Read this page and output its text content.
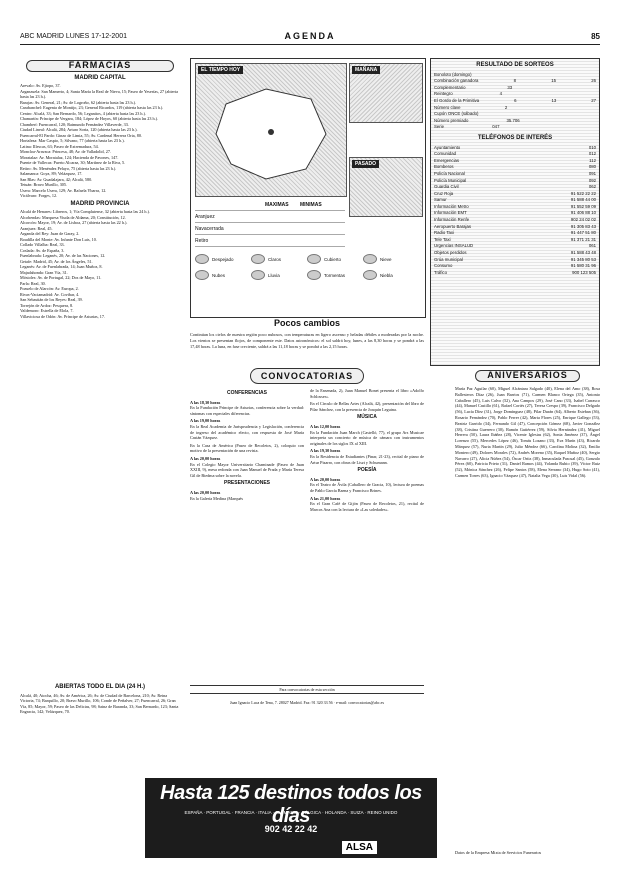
ABC MADRID LUNES 17-12-2001	AGENDA	85
FARMACIAS
MADRID CAPITAL

Arevalo: Av. Ejiopo, 37.

Arganzuela: San Mamerto, 4; Santa María la Real de Nieva, 15; Paseo de Yeserías, 27 (abierta hasta las 23 h.).

Barajas: Av. General, 21; Av. de Logroño, 62 (abierta hasta las 23 h.).

Carabanchel: Eugenia de Montijo, 23; General Ricardos, 119 (abierta hasta las 23 h.).

Centro: Alcalá, 33; San Bernardo, 56; Leganitos, 4 (abierta hasta las 23 h.).

Chamartín: Príncipe de Vergara, 184; López de Hoyos, 60 (abierta hasta las 23 h.).

Chamberí: Fuencarral, 120; Raimundo Fernández Villaverde, 33.

Ciudad Lineal: Alcalá, 284; Arturo Soria, 120 (abierta hasta las 23 h.).

Fuencarral-El Pardo: Ginzo de Limia, 55; Av. Cardenal Herrera Oria, 80.

Hortaleza: Mar Caspio, 5; Silvano, 77 (abierta hasta las 23 h.).

Latina: Illescas, 63; Paseo de Extremadura, 54.

Moncloa-Aravaca: Princesa, 48; Av. de Valladolid, 27.

Moratalaz: Av. Moratalaz, 124; Hacienda de Pavones, 147.

Puente de Vallecas: Puerto Alcaraz, 30; Martínez de la Riva, 5.

Retiro: Av. Menéndez Pelayo, 75 (abierta hasta las 23 h.).

Salamanca: Goya, 89; Velázquez, 17.

San Blas: Av. Guadalajara, 42; Alcalá, 580.

Tetuán: Bravo Murillo, 305.

Usera: Marcelo Usera, 129; Av. Rafaela Ybarra, 12.

Vicálvaro: Forges, 12.

MADRID PROVINCIA

Alcalá de Henares: Libreros, 1; Vía Complutense, 32 (abierta hasta las 24 h.).

Alcobendas: Marquesa Viuda de Aldama, 20; Constitución, 12.

Alcorcón: Mayor, 19; Av. de Lisboa, 27 (abierta hasta las 22 h.).

Aranjuez: Real, 45.

Arganda del Rey: Juan de Garay, 2.

Boadilla del Monte: Av. Infante Don Luis, 10.

Collado Villalba: Real, 33.

Coslada: Av. de España, 3.

Fuenlabrada: Leganés, 20; Av. de las Naciones, 12.

Getafe: Madrid, 45; Av. de los Ángeles, 51.

Leganés: Av. de Fuenlabrada, 14; Juan Muñoz, 8.

Majadahonda: Gran Vía, 31.

Móstoles: Av. de Portugal, 22; Dos de Mayo, 11.

Parla: Real, 30.

Pozuelo de Alarcón: Av. Europa, 2.

Rivas-Vaciamadrid: Av. Covibar, 4.

San Sebastián de los Reyes: Real, 39.

Torrejón de Ardoz: Pesquera, 8.

Valdemoro: Estrella de Elola, 7.

Villaviciosa de Odón: Av. Príncipe de Asturias, 17.

ABIERTAS TODO EL DIA (24 H.)

Alcalá, 40; Atocha, 46; Av. de América, 26; Av. de Ciudad de Barcelona, 210; Av. Reina Victoria, 74; Barquillo, 20; Bravo Murillo, 106; Conde de Peñalver, 27; Fuencarral, 26; Gran Vía, 85; Mayor, 59; Paseo de las Delicias, 98; Sainz de Baranda, 33; San Bernardo, 123; Santa Engracia, 142; Velázquez, 70.

EL TIEMPO HOY	MAÑANA
PASADO
MAXIMAS	MINIMAS
Aranjuez
Navacerrada
Retiro
Despejado	Claros	Cubierto	Nieve
Nubes	Lluvia	Tormentas	Niebla
Pocos cambios
Continúan los cielos de nuestra región poco nubosos, con temperaturas en ligero ascenso y heladas débiles a moderadas por la noche. Los vientos se presentan flojos, de componente este. Datos astronómicos: el sol saldrá hoy, lunes, a las 8,30 horas y se pondrá a las 17,48 horas. La luna, en fase creciente, saldrá a las 11,18 horas y se pondrá a las 2,15 horas.
CONVOCATORIAS
CONFERENCIAS
A las 18,30 horas

En la Fundación Príncipe de Asturias, conferencia sobre la verdad: síntomas con especiales diferencias.

A las 19,00 horas

En la Real Academia de Jurisprudencia y Legislación, conferencia de ingreso del académico electo, con respuesta de José María Castán Vázquez.

En la Casa de América (Paseo de Recoletos, 2), coloquio con motivo de la presentación de una revista.

A las 20,00 horas

En el Colegio Mayor Universitario Chaminade (Paseo de Juan XXIII, 9), mesa redonda con Juan Manuel de Prada y María Teresa Gil de Biedma sobre la novela.

PRESENTACIONES
A las 20,00 horas

En la Galería Medina (Marqués

de la Ensenada, 2), Juan Manuel Bonet presenta el libro «Adolfo Schlosser».

En el Círculo de Bellas Artes (Alcalá, 42), presentación del libro de Pilar Sánchez, con la presencia de Joaquín Leguina.

MÚSICA
A las 12,00 horas

En la Fundación Juan March (Castelló, 77), el grupo Ars Musicae interpreta un concierto de música de cámara con instrumentos originales de los siglos IX al XIII.

A las 19,30 horas

En la Residencia de Estudiantes (Pinar, 21-23), recital de piano de Artur Pizarro, con obras de Liszt y Schumann.

POESÍA
A las 20,00 horas

En el Teatro de Ávila (Caballero de Gracia, 10), lectura de poemas de Pablo García Baena y Francisco Brines.

A las 21,00 horas

En el Gran Café de Gijón (Paseo de Recoletos, 21), recital de Marcos Ana con la lectura de «Las soledades».

Para convocatorias de esta sección
Juan Ignacio Luca de Tena, 7. 28027 Madrid. Fax: 91 320 33 56 · e-mail: convocatorias@abc.es
Hasta 125 destinos todos los días
ESPAÑA · PORTUGAL · FRANCIA · ITALIA · ALEMANIA · BÉLGICA · HOLANDA · SUIZA · REINO UNIDO
902 42 22 42
ALSA
RESULTADO DE SORTEOS
Bonoloto (domingo)
Combinación ganadora	8	15	26
Complementario	33
Reintegro	4
El Gordo de la Primitiva	6	13	27
Número clave	2
Cupón ONCE (sábado)
Número premiado	35.706
Serie	047
TELÉFONOS DE INTERÉS
Ayuntamiento	010
Comunidad	012
Emergencias	112
Bomberos	080
Policía Nacional	091
Policía Municipal	092
Guardia Civil	062
Cruz Roja	91 522 22 22
Samur	91 588 44 00
Información Metro	91 552 59 09
Información EMT	91 406 88 10
Información Renfe	902 24 02 02
Aeropuerto Barajas	91 305 83 43
Radio Taxi	91 447 51 80
Tele Taxi	91 371 21 31
Urgencias INSALUD	061
Objetos perdidos	91 588 43 48
Grúa municipal	91 345 80 53
Consumo	91 580 31 96
Tráfico	900 123 505
ANIVERSARIOS

María Paz Aguilar (60), Miguel Alcántara Salgado (40), Elena del Amo (38), Rosa Ballesteros Díaz (26), Juan Barrios (71), Carmen Blanco Ortega (35), Antonio Caballero (45), Luis Calvo (52), Ana Campos (29), José Cano (33), Isabel Carrasco (44), Manuel Castillo (61), Rafael Cortés (27), Teresa Crespo (39), Francisco Delgado (56), Lucía Díez (31), Jorge Domínguez (48), Pilar Durán (64), Alberto Esteban (36), Rosario Fernández (70), Pablo Ferrer (42), Marta Flores (25), Enrique Gallego (53), Beatriz Garrido (34), Fernando Gil (47), Concepción Gómez (68), Javier González (38), Cristina Guerrero (30), Ramón Gutiérrez (59), Silvia Hernández (41), Miguel Herrera (50), Laura Ibáñez (28), Vicente Iglesias (62), Sonia Jiménez (37), Ángel Lorenzo (55), Mercedes López (46), Tomás Lozano (33), Eva Marín (43), Ricardo Márquez (57), Nuria Martín (29), Julio Méndez (66), Carolina Molina (32), Emilio Montero (49), Dolores Morales (72), Andrés Moreno (35), Raquel Muñoz (40), Sergio Navarro (27), Alicia Núñez (54), Óscar Ortiz (38), Inmaculada Pascual (45), Gonzalo Pérez (60), Patricia Prieto (31), Daniel Ramos (44), Yolanda Rubio (39), Víctor Ruiz (52), Mónica Sánchez (26), Felipe Santos (58), Elena Serrano (34), Hugo Soto (41), Carmen Torres (63), Ignacio Vázquez (47), Natalia Vega (30), Luis Vidal (56).

Datos de la Empresa Mixta de Servicios Funerarios
